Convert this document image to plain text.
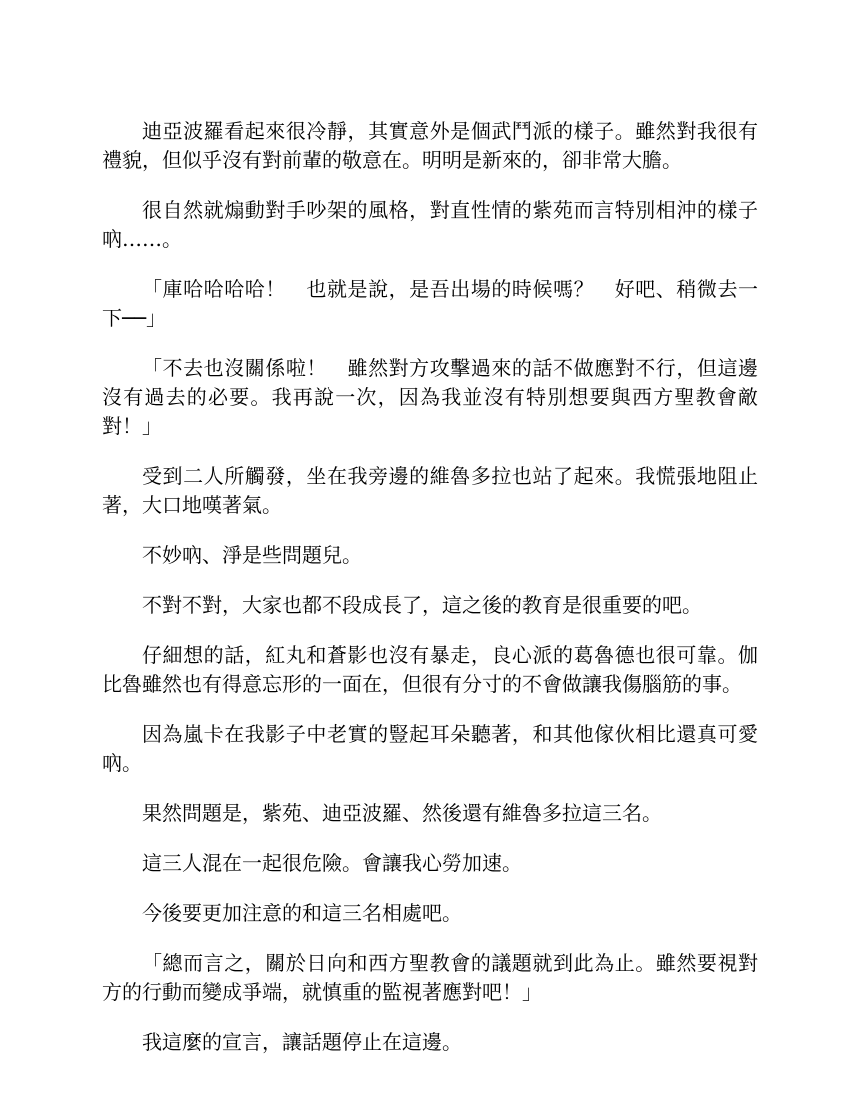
迪亞波羅看起來很冷靜，其實意外是個武鬥派的樣子。雖然對我很有禮貌，但似乎沒有對前輩的敬意在。明明是新來的，卻非常大膽。

很自然就煽動對手吵架的風格，對直性情的紫苑而言特別相沖的樣子吶……。

「庫哈哈哈哈！　也就是說，是吾出場的時候嗎？　好吧、稍微去一下──」

「不去也沒關係啦！　雖然對方攻擊過來的話不做應對不行，但這邊沒有過去的必要。我再說一次，因為我並沒有特別想要與西方聖教會敵對！」

受到二人所觸發，坐在我旁邊的維魯多拉也站了起來。我慌張地阻止著，大口地嘆著氣。

不妙吶、淨是些問題兒。

不對不對，大家也都不段成長了，這之後的教育是很重要的吧。

仔細想的話，紅丸和蒼影也沒有暴走，良心派的葛魯德也很可靠。伽比魯雖然也有得意忘形的一面在，但很有分寸的不會做讓我傷腦筋的事。

因為嵐卡在我影子中老實的豎起耳朵聽著，和其他傢伙相比還真可愛吶。

果然問題是，紫苑、迪亞波羅、然後還有維魯多拉這三名。

這三人混在一起很危險。會讓我心勞加速。

今後要更加注意的和這三名相處吧。

「總而言之，關於日向和西方聖教會的議題就到此為止。雖然要視對方的行動而變成爭端，就慎重的監視著應對吧！」

我這麼的宣言，讓話題停止在這邊。
